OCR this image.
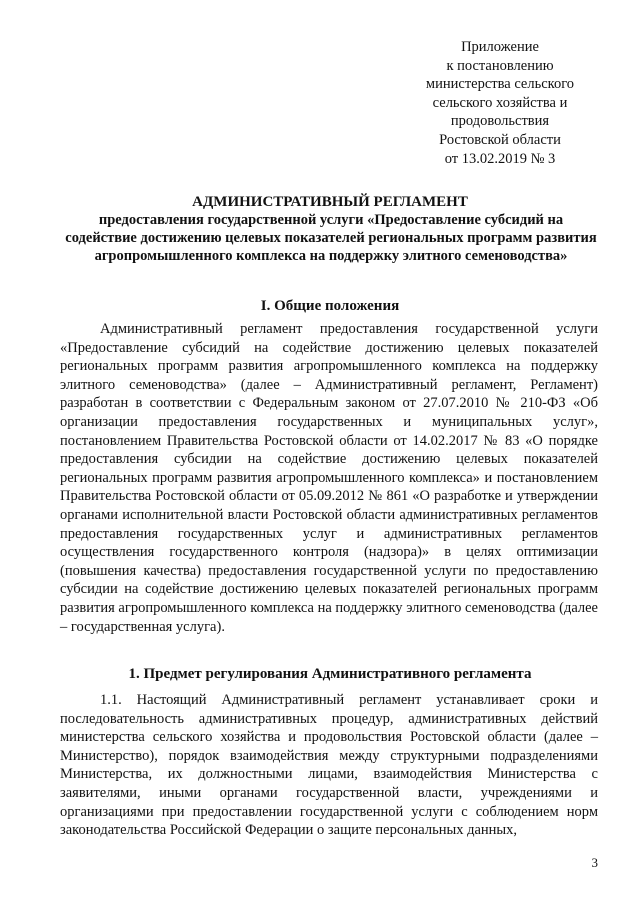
Приложение
к постановлению
министерства сельского
сельского хозяйства и
продовольствия
Ростовской области
от 13.02.2019 № 3
АДМИНИСТРАТИВНЫЙ РЕГЛАМЕНТ
предоставления государственной услуги «Предоставление субсидий на содействие достижению целевых показателей региональных программ развития агропромышленного комплекса на поддержку элитного семеноводства»
I. Общие положения

Административный регламент предоставления государственной услуги «Предоставление субсидий на содействие достижению целевых показателей региональных программ развития агропромышленного комплекса на поддержку элитного семеноводства» (далее – Административный регламент, Регламент) разработан в соответствии с Федеральным законом от 27.07.2010 № 210-ФЗ «Об организации предоставления государственных и муниципальных услуг», постановлением Правительства Ростовской области от 14.02.2017 № 83 «О порядке предоставления субсидии на содействие достижению целевых показателей региональных программ развития агропромышленного комплекса» и постановлением Правительства Ростовской области от 05.09.2012 № 861 «О разработке и утверждении органами исполнительной власти Ростовской области административных регламентов предоставления государственных услуг и административных регламентов осуществления государственного контроля (надзора)» в целях оптимизации (повышения качества) предоставления государственной услуги по предоставлению субсидии на содействие достижению целевых показателей региональных программ развития агропромышленного комплекса на поддержку элитного семеноводства (далее – государственная услуга).

1. Предмет регулирования Административного регламента

1.1. Настоящий Административный регламент устанавливает сроки и последовательность административных процедур, административных действий министерства сельского хозяйства и продовольствия Ростовской области (далее – Министерство), порядок взаимодействия между структурными подразделениями Министерства, их должностными лицами, взаимодействия Министерства с заявителями, иными органами государственной власти, учреждениями и организациями при предоставлении государственной услуги с соблюдением норм законодательства Российской Федерации о защите персональных данных,

3
